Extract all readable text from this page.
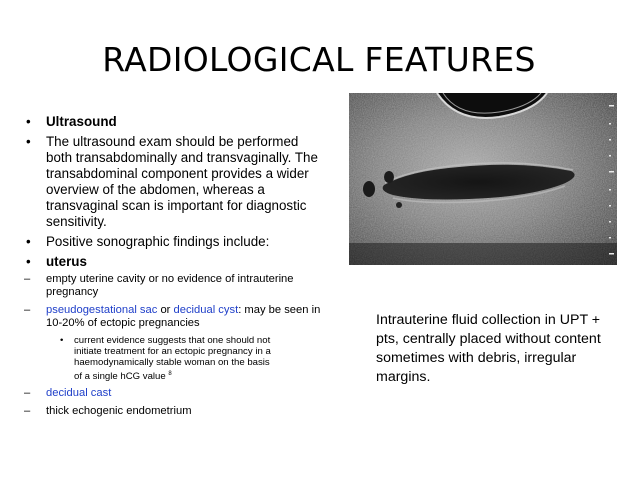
RADIOLOGICAL FEATURES
• Ultrasound
• The ultrasound exam should be performed both transabdominally and transvaginally. The transabdominal component provides a wider overview of the abdomen, whereas a transvaginal scan is important for diagnostic sensitivity.
• Positive sonographic findings include:
• uterus
– empty uterine cavity or no evidence of intrauterine pregnancy
– pseudogestational sac or decidual cyst: may be seen in 10-20% of ectopic pregnancies
• current evidence suggests that one should not initiate treatment for an ectopic pregnancy in a haemodynamically stable woman on the basis of a single hCG value $^8$
– decidual cast
– thick echogenic endometrium
Intrauterine fluid collection in UPT + pts, centrally placed without content sometimes with debris, irregular margins.
